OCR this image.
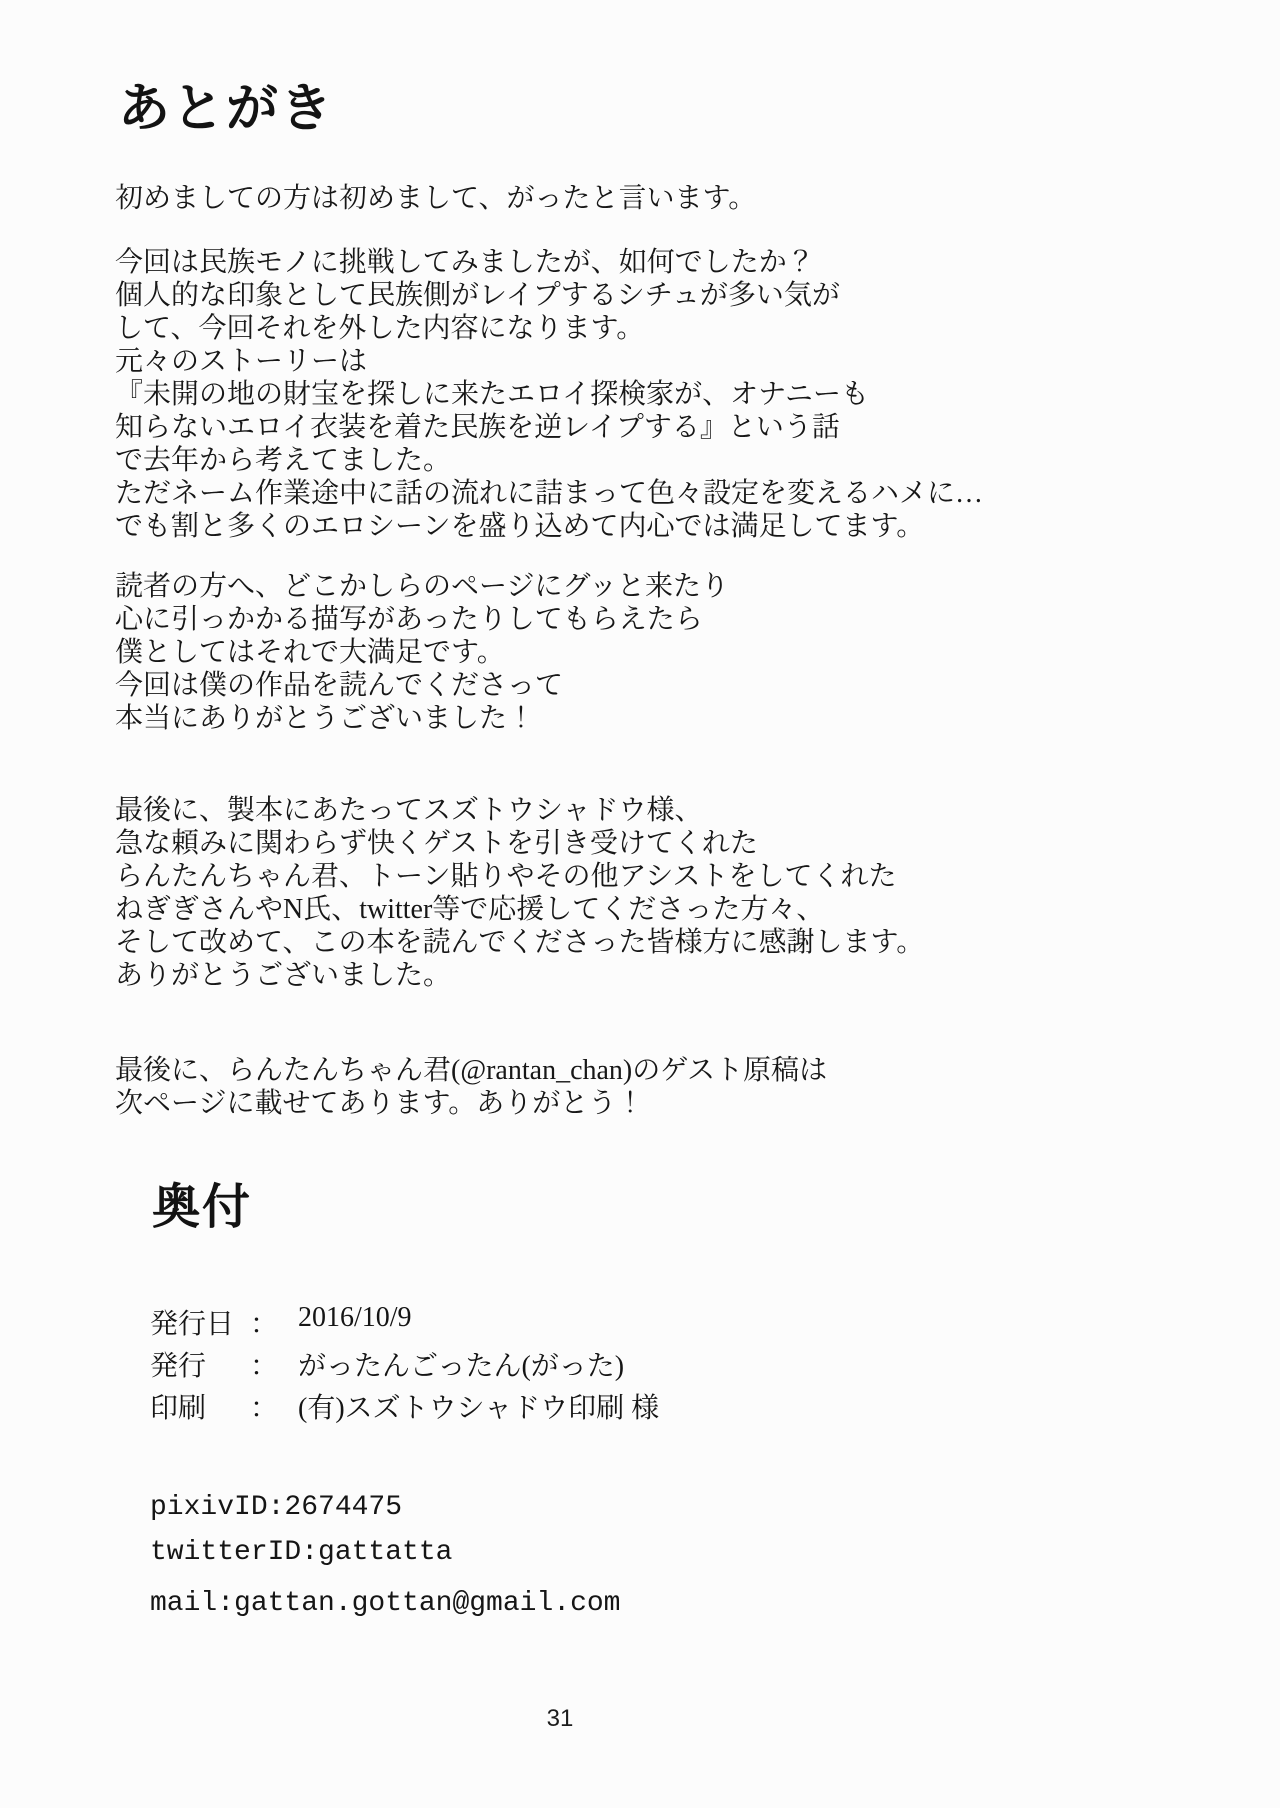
あとがき
初めましての方は初めまして、がったと言います。
今回は民族モノに挑戦してみましたが、如何でしたか？
個人的な印象として民族側がレイプするシチュが多い気が
して、今回それを外した内容になります。
元々のストーリーは
『未開の地の財宝を探しに来たエロイ探検家が、オナニーも
知らないエロイ衣装を着た民族を逆レイプする』という話
で去年から考えてました。
ただネーム作業途中に話の流れに詰まって色々設定を変えるハメに…
でも割と多くのエロシーンを盛り込めて内心では満足してます。
読者の方へ、どこかしらのページにグッと来たり
心に引っかかる描写があったりしてもらえたら
僕としてはそれで大満足です。
今回は僕の作品を読んでくださって
本当にありがとうございました！
最後に、製本にあたってスズトウシャドウ様、
急な頼みに関わらず快くゲストを引き受けてくれた
らんたんちゃん君、トーン貼りやその他アシストをしてくれた
ねぎぎさんやN氏、twitter等で応援してくださった方々、
そして改めて、この本を読んでくださった皆様方に感謝します。
ありがとうございました。
最後に、らんたんちゃん君(@rantan_chan)のゲスト原稿は
次ページに載せてあります。ありがとう！
奥付
発行日 ： 2016/10/9
発行	： がったんごったん(がった)
印刷	： (有)スズトウシャドウ印刷 様
pixivID:2674475
twitterID:gattatta
mail:gattan.gottan@gmail.com
31
